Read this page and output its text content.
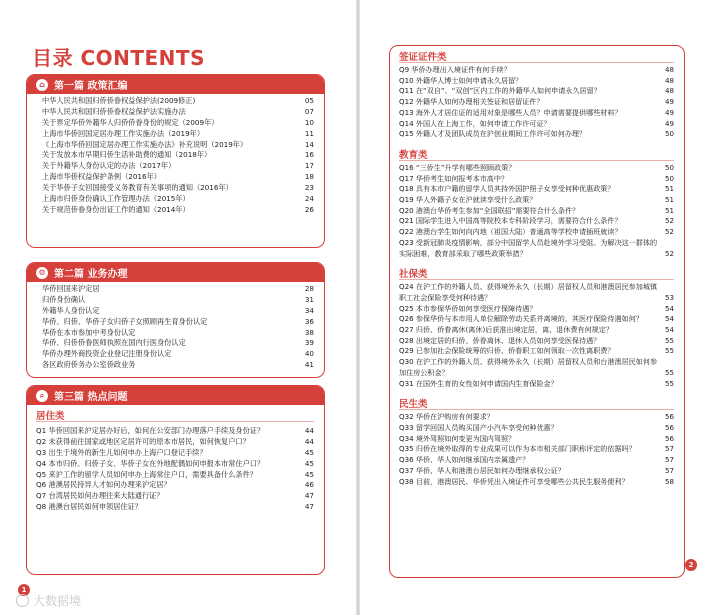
目录 CONTENTS
⌂ 第一篇 政策汇编
中华人民共和国归侨侨眷权益保护法(2009修正)	05
中华人民共和国归侨侨眷权益保护法实施办法	07
关于界定华侨外籍华人归侨侨眷身份的规定（2009年）	10
上海市华侨回国定居办理工作实施办法（2019年）	11
《上海市华侨回国定居办理工作实施办法》补充说明（2019年）	14
关于发放本市早期归侨生活补助费的通知（2018年）	16
关于外籍华人身份认定的办法（2017年）	17
上海市华侨权益保护条例（2016年）	18
关于华侨子女回国接受义务教育有关事项的通知（2016年）	23
上海市归侨身份确认工作管理办法（2015年）	24
关于规范侨眷身份出证工作的通知（2014年）	26
⚙ 第二篇 业务办理
华侨回国来沪定居	28
归侨身份确认	31
外籍华人身份认定	34
华侨、归侨、华侨子女归侨子女照顾再生育身份认定	36
华侨在本市参加中考身份认定	38
华侨、归侨侨眷医师执照在国内行医身份认定	39
华侨办理外商投资企业登记注册身份认定	40
各区政府侨务办公室侨政业务	41
⌕ 第三篇 热点问题
居住类
Q1 华侨回国来沪定居办好后，如何在公安部门办理落户手续及身份证？	44
Q2 未获得前往国家或地区定居许可的原本市居民，如何恢复户口？	44
Q3 出生于境外的新生儿如何申办上海户口登记手续？	45
Q4 本市归侨、归侨子女、华侨子女在外地配偶如何申报本市常住户口？	45
Q5 来沪工作的留学人员如何申办上海常住户口，需要具备什么条件？	45
Q6 港澳居民持异人才如何办理来沪定居？	46
Q7 台湾居民如何办理往来大陆通行证？	47
Q8 港澳台居民如何申领居住证？	47
签证证件类
Q9 华侨办理出入境证件有何手续？	48
Q10 外籍华人博士如何申请永久居留？	48
Q11 在“双自”、“双创”区内工作的外籍华人如何申请永久居留？	48
Q12 外籍华人如何办理相关签证和居留证件？	49
Q13 海外人才居住证的适用对象是哪些人员？申请需要提供哪些材料？	49
Q14 外国人在上海工作，如何申请工作许可证？	49
Q15 外籍人才及团队成员在沪创业期间工作许可如何办理？	50
教育类
Q16 “三侨生”升学有哪些照顾政策？	50
Q17 华侨考生如何报考本市高中？	50
Q18 具有本市户籍的留学人员其持外国护照子女享受何种优惠政策？	51
Q19 华人外籍子女在沪就读享受什么政策？	51
Q20 港澳台华侨考生参加“全国联招”需要符合什么条件？	51
Q21 国际学生进入中国高等院校本专科阶段学习，需要符合什么条件？	52
Q22 港澳台学生如何向内地（祖国大陆）普通高等学校申请插班就读？	52
Q23 受新冠肺炎疫情影响，部分中国留学人员赴境外学习受阻。为解决这一群体的实际困难，教育部采取了哪些政策举措？	52
社保类
Q24 在沪工作的外籍人员、获得境外永久（长期）居留权人员和港澳居民参加城镇职工社会保险享受何种待遇？	53
Q25 本市参保华侨如何享受医疗保障待遇？	54
Q26 参保华侨与本市用人单位解除劳动关系并离境的，其医疗保险待遇如何？	54
Q27 归侨、侨眷离休(离休)后获准出境定居，离、退休费有何规定？	54
Q28 出境定居的归侨、侨眷离休、退休人员如何享受医保待遇？	55
Q29 已参加社会保险统筹的归侨、侨眷职工如何领取一次性离职费？	55
Q30 在沪工作的外籍人员、获得境外永久（长期）居留权人员和台港澳居民如何参加住房公积金？	55
Q31 在国外生育的女性如何申请国内生育保险金？	55
民生类
Q32 华侨在沪购房有何要求？	56
Q33 留学回国人员购买国产小汽车享受何种优惠？	56
Q34 境外驾照如何变更为国内驾照？	56
Q35 归侨在境外取得的专业成果可以作为本市相关部门职称评定的依据吗？	57
Q36 华侨、华人如何继承国内亲属遗产？	57
Q37 华侨、华人和港澳台居民如何办理继承权公证？	57
Q38 目前，港澳居民、华侨凭出入境证件可享受哪些公共民生服务便利？	58
1
2
大数据境
